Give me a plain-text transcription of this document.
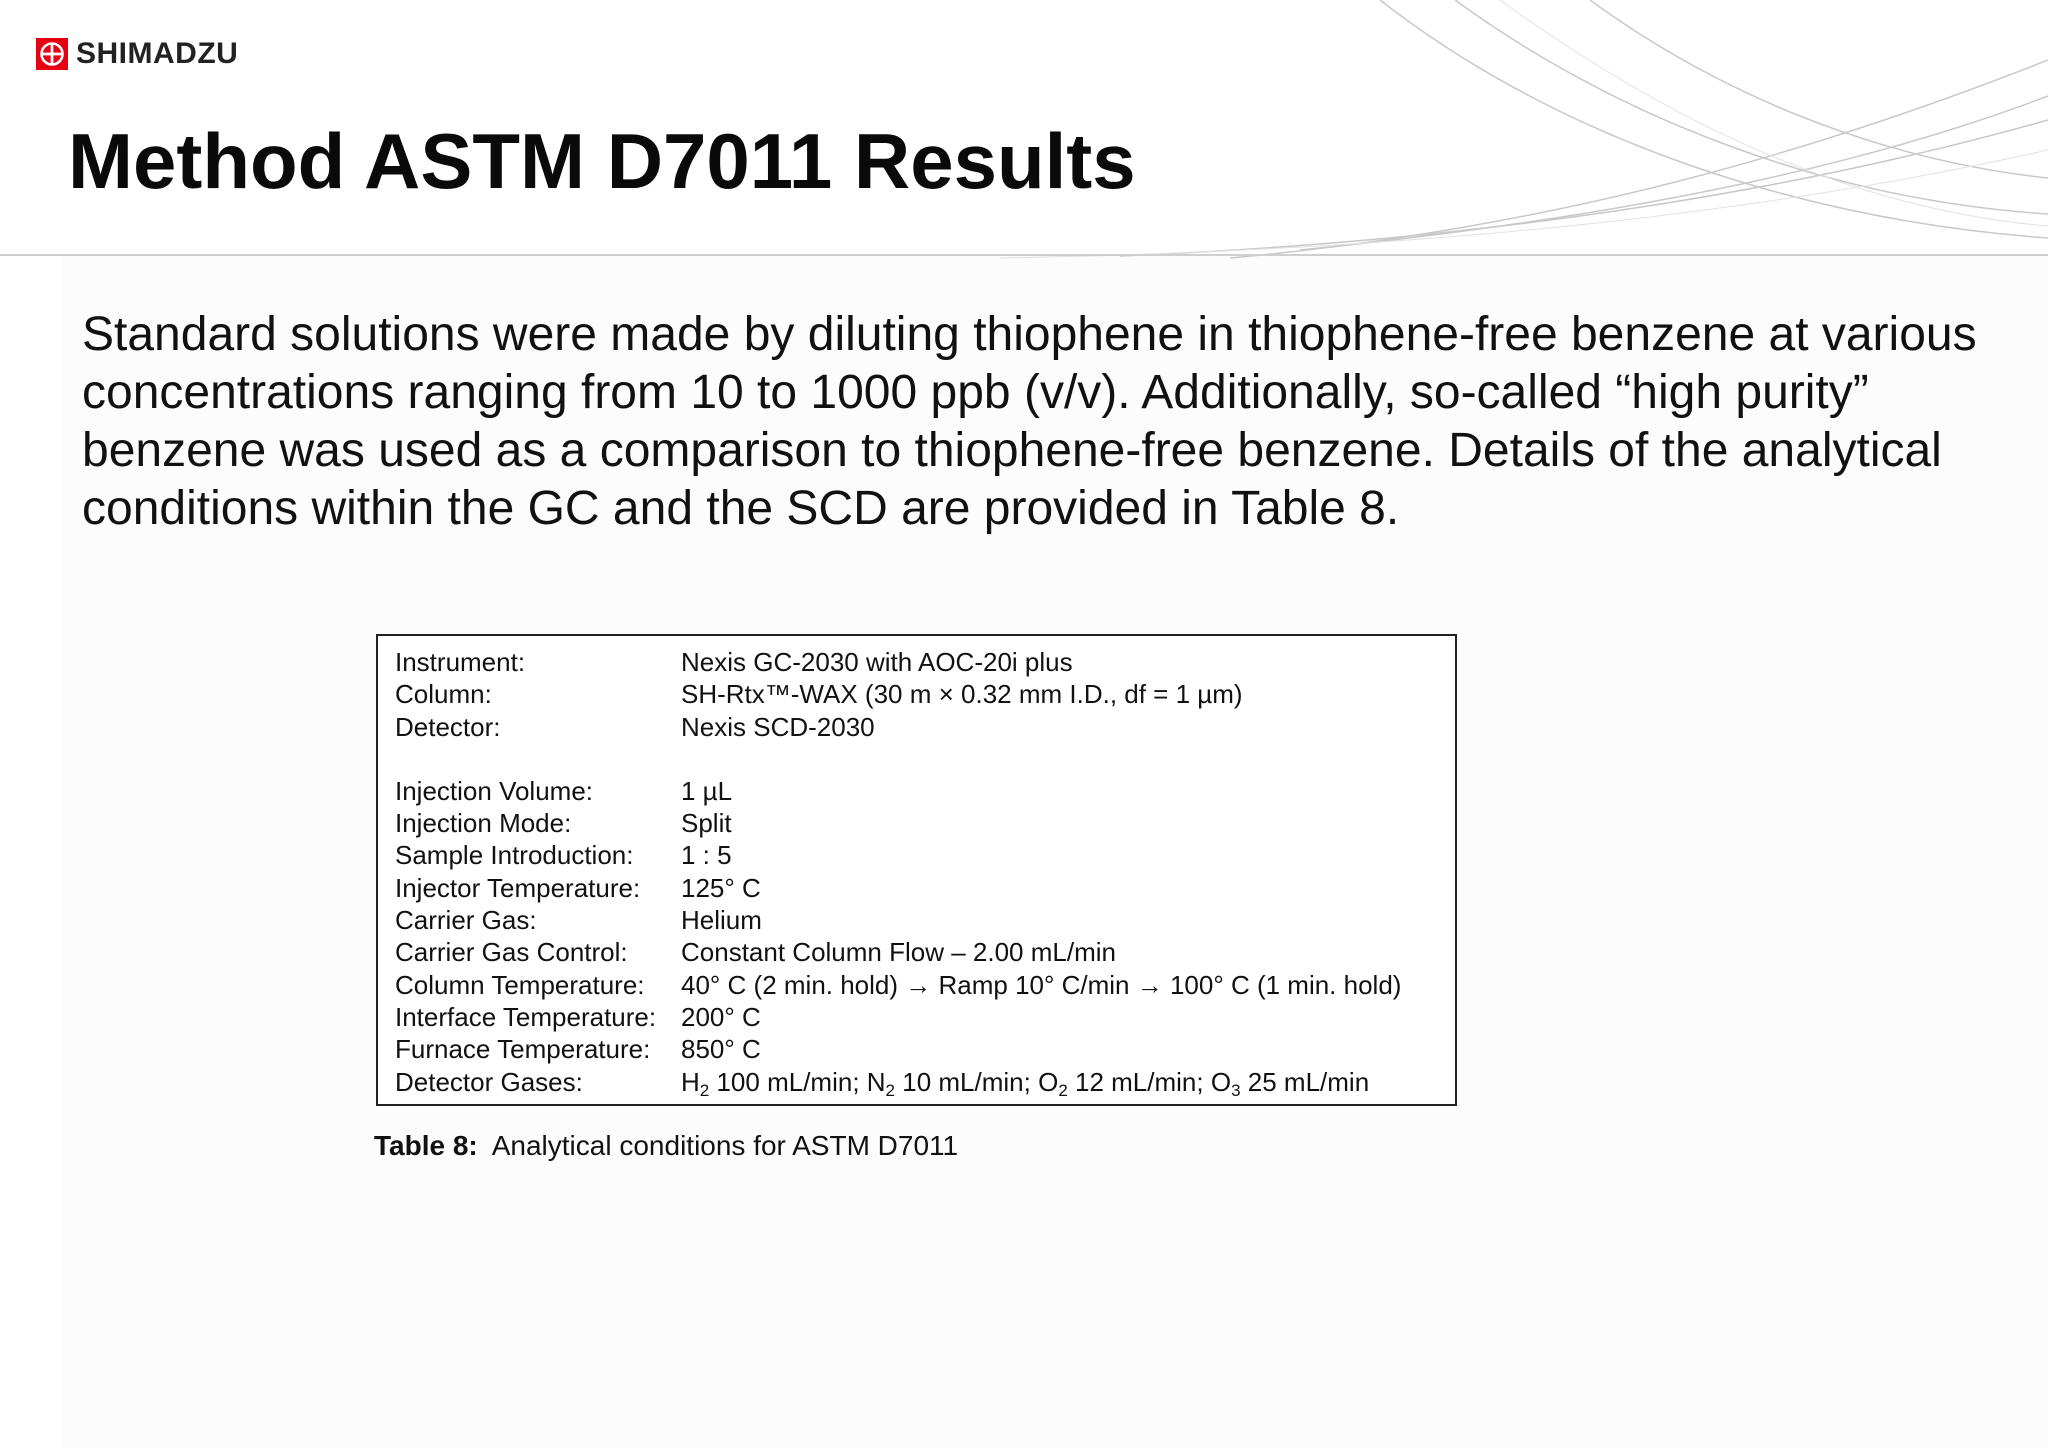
SHIMADZU
Method ASTM D7011 Results

Standard solutions were made by diluting thiophene in thiophene-free benzene at various concentrations ranging from 10 to 1000 ppb (v/v). Additionally, so-called “high purity” benzene was used as a comparison to thiophene-free benzene. Details of the analytical conditions within the GC and the SCD are provided in Table 8.

Instrument:	Nexis GC-2030 with AOC-20i plus
Column:	SH-Rtx™-WAX (30 m × 0.32 mm I.D., df = 1 µm)
Detector:	Nexis SCD-2030
Injection Volume:	1 µL
Injection Mode:	Split
Sample Introduction:	1 : 5
Injector Temperature:	125° C
Carrier Gas:	Helium
Carrier Gas Control:	Constant Column Flow – 2.00 mL/min
Column Temperature:	40° C (2 min. hold) → Ramp 10° C/min → 100° C (1 min. hold)
Interface Temperature: 200° C
Furnace Temperature:	850° C
Detector Gases:	$H_2$ 100 mL/min; $N_2$ 10 mL/min; $O_2$ 12 mL/min; $O_3$ 25 mL/min
Table 8: Analytical conditions for ASTM D7011
